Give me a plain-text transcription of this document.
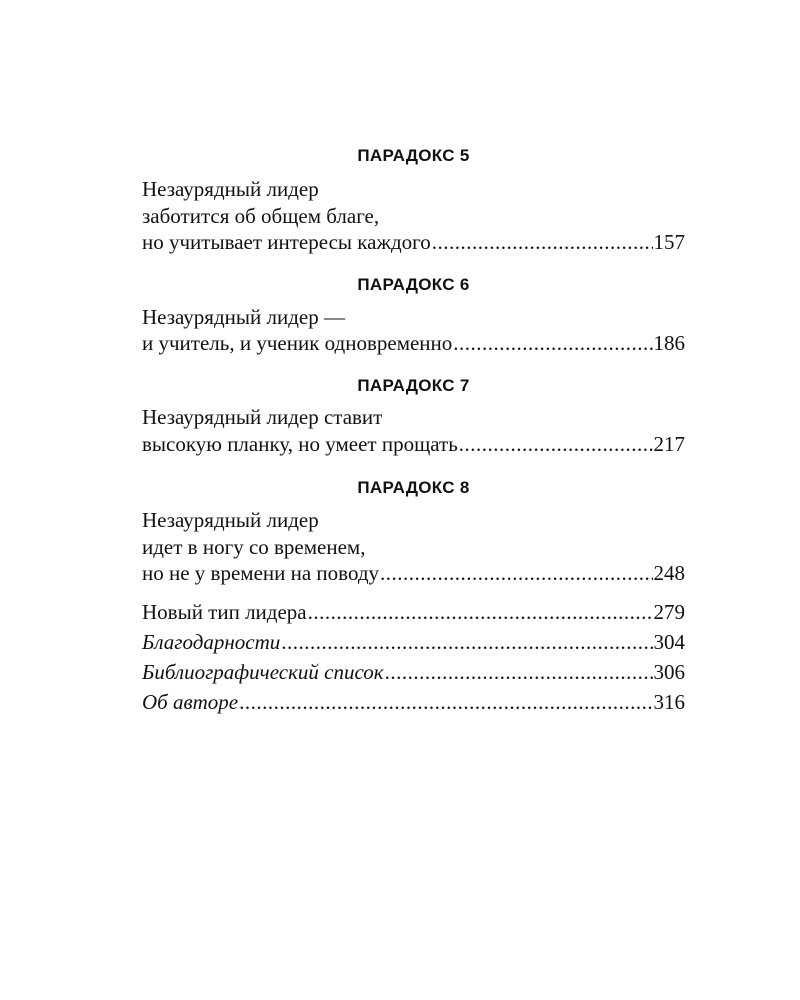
ПАРАДОКС 5
Незаурядный лидер
заботится об общем благе,
но учитывает интересы каждого .....	157
ПАРАДОКС 6
Незаурядный лидер —
и учитель, и ученик одновременно .....	186
ПАРАДОКС 7
Незаурядный лидер ставит
высокую планку, но умеет прощать .....	217
ПАРАДОКС 8
Незаурядный лидер
идет в ногу со временем,
но не у времени на поводу .....	248
Новый тип лидера .....	279
Благодарности .....	304
Библиографический список .....	306
Об авторе .....	316
